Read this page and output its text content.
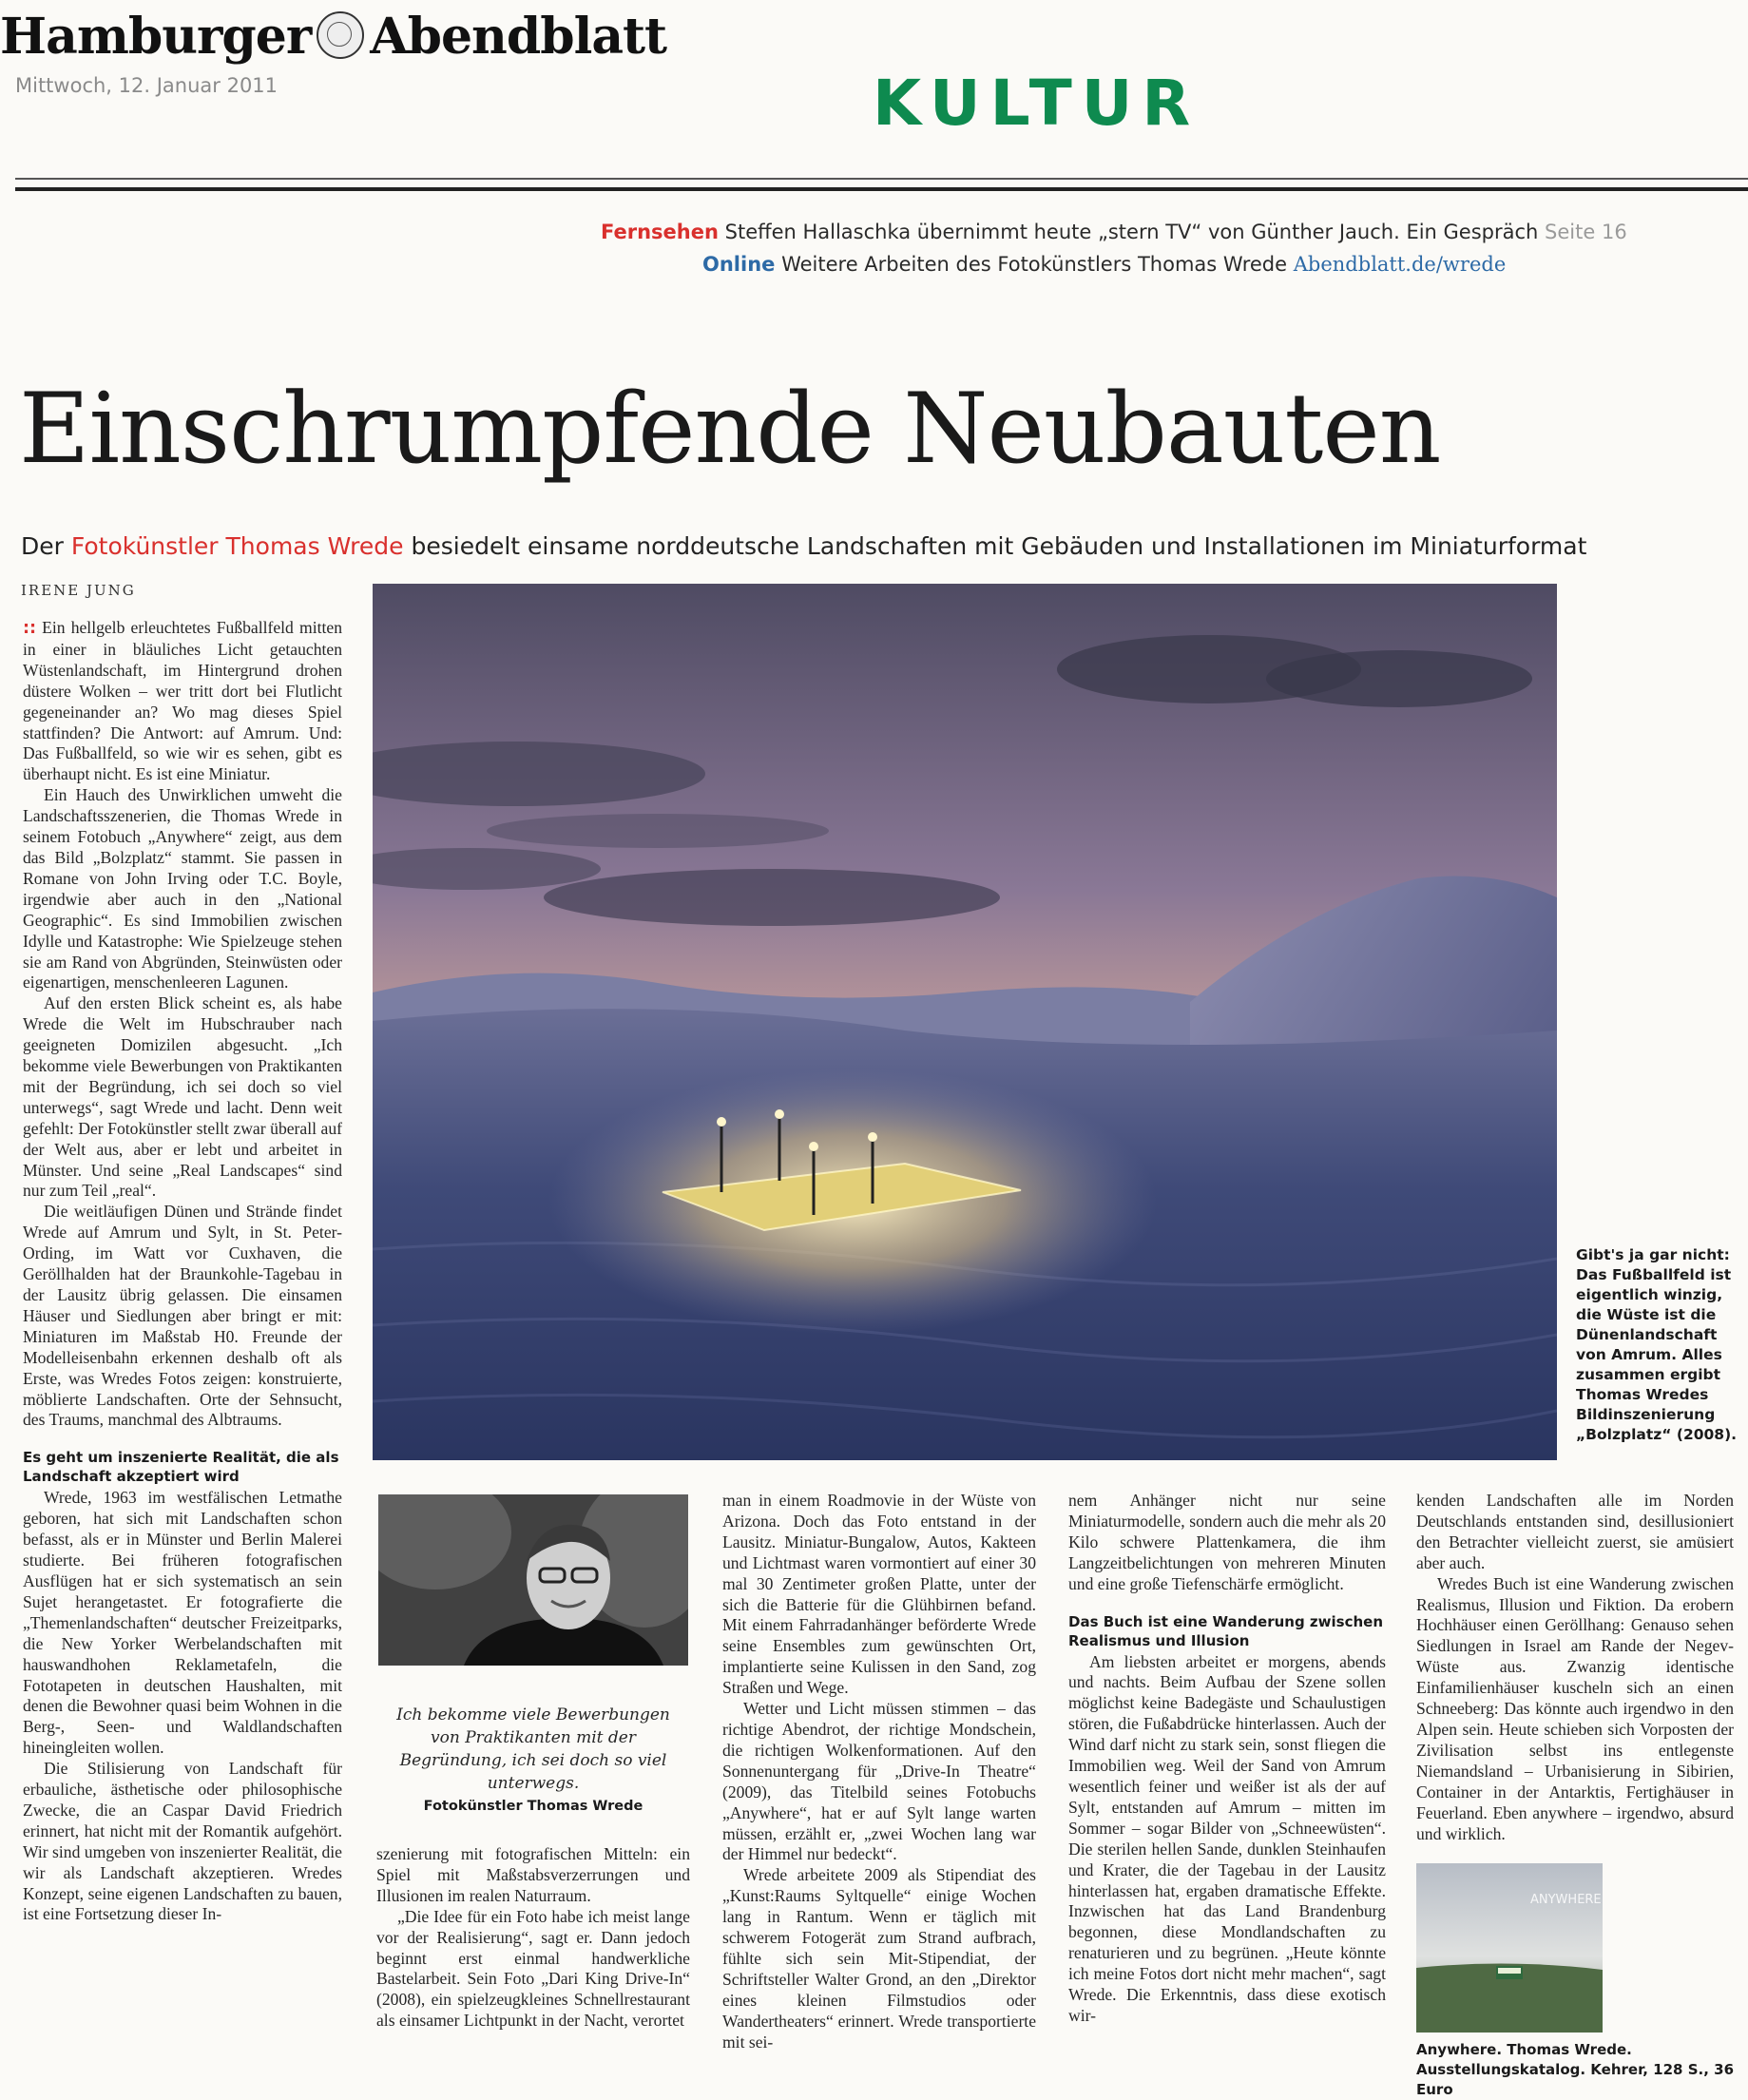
Hamburger Abendblatt
Mittwoch, 12. Januar 2011	KULTUR
Fernsehen Steffen Hallaschka übernimmt heute „stern TV“ von Günther Jauch. Ein Gespräch Seite 16
Online Weitere Arbeiten des Fotokünstlers Thomas Wrede Abendblatt.de/wrede
Einschrumpfende Neubauten
Der Fotokünstler Thomas Wrede besiedelt einsame norddeutsche Landschaften mit Gebäuden und Installationen im Miniaturformat
IRENE JUNG

:: Ein hellgelb erleuchtetes Fußballfeld mitten in einer in bläuliches Licht getauchten Wüstenlandschaft, im Hintergrund drohen düstere Wolken – wer tritt dort bei Flutlicht gegeneinander an? Wo mag dieses Spiel stattfinden? Die Antwort: auf Amrum. Und: Das Fußballfeld, so wie wir es sehen, gibt es überhaupt nicht. Es ist eine Miniatur.

Ein Hauch des Unwirklichen umweht die Landschaftsszenerien, die Thomas Wrede in seinem Fotobuch „Anywhere“ zeigt, aus dem das Bild „Bolzplatz“ stammt. Sie passen in Romane von John Irving oder T.C. Boyle, irgendwie aber auch in den „National Geographic“. Es sind Immobilien zwischen Idylle und Katastrophe: Wie Spielzeuge stehen sie am Rand von Abgründen, Steinwüsten oder eigenartigen, menschenleeren Lagunen.

Auf den ersten Blick scheint es, als habe Wrede die Welt im Hubschrauber nach geeigneten Domizilen abgesucht. „Ich bekomme viele Bewerbungen von Praktikanten mit der Begründung, ich sei doch so viel unterwegs“, sagt Wrede und lacht. Denn weit gefehlt: Der Fotokünstler stellt zwar überall auf der Welt aus, aber er lebt und arbeitet in Münster. Und seine „Real Landscapes“ sind nur zum Teil „real“.

Die weitläufigen Dünen und Strände findet Wrede auf Amrum und Sylt, in St. Peter-Ording, im Watt vor Cuxhaven, die Geröllhalden hat der Braunkohle-Tagebau in der Lausitz übrig gelassen. Die einsamen Häuser und Siedlungen aber bringt er mit: Miniaturen im Maßstab H0. Freunde der Modelleisenbahn erkennen deshalb oft als Erste, was Wredes Fotos zeigen: konstruierte, möblierte Landschaften. Orte der Sehnsucht, des Traums, manchmal des Albtraums.

Es geht um inszenierte Realität, die als Landschaft akzeptiert wird

Wrede, 1963 im westfälischen Letmathe geboren, hat sich mit Landschaften schon befasst, als er in Münster und Berlin Malerei studierte. Bei früheren fotografischen Ausflügen hat er sich systematisch an sein Sujet herangetastet. Er fotografierte die „Themenlandschaften“ deutscher Freizeitparks, die New Yorker Werbelandschaften mit hauswandhohen Reklametafeln, die Fototapeten in deutschen Haushalten, mit denen die Bewohner quasi beim Wohnen in die Berg-, Seen- und Waldlandschaften hineingleiten wollen.

Die Stilisierung von Landschaft für erbauliche, ästhetische oder philosophische Zwecke, die an Caspar David Friedrich erinnert, hat nicht mit der Romantik aufgehört. Wir sind umgeben von inszenierter Realität, die wir als Landschaft akzeptieren. Wredes Konzept, seine eigenen Landschaften zu bauen, ist eine Fortsetzung dieser In-

Gibt's ja gar nicht: Das Fußballfeld ist eigentlich winzig, die Wüste ist die Dünenlandschaft von Amrum. Alles zusammen ergibt Thomas Wredes Bildinszenierung „Bolzplatz“ (2008).
Ich bekomme viele Bewerbungen von Praktikanten mit der Begründung, ich sei doch so viel unterwegs.
Fotokünstler Thomas Wrede

szenierung mit fotografischen Mitteln: ein Spiel mit Maßstabsverzerrungen und Illusionen im realen Naturraum.

„Die Idee für ein Foto habe ich meist lange vor der Realisierung“, sagt er. Dann jedoch beginnt erst einmal handwerkliche Bastelarbeit. Sein Foto „Dari King Drive-In“ (2008), ein spielzeugkleines Schnellrestaurant als einsamer Lichtpunkt in der Nacht, verortet

man in einem Roadmovie in der Wüste von Arizona. Doch das Foto entstand in der Lausitz. Miniatur-Bungalow, Autos, Kakteen und Lichtmast waren vormontiert auf einer 30 mal 30 Zentimeter großen Platte, unter der sich die Batterie für die Glühbirnen befand. Mit einem Fahrradanhänger beförderte Wrede seine Ensembles zum gewünschten Ort, implantierte seine Kulissen in den Sand, zog Straßen und Wege.

Wetter und Licht müssen stimmen – das richtige Abendrot, der richtige Mondschein, die richtigen Wolkenformationen. Auf den Sonnenuntergang für „Drive-In Theatre“ (2009), das Titelbild seines Fotobuchs „Anywhere“, hat er auf Sylt lange warten müssen, erzählt er, „zwei Wochen lang war der Himmel nur bedeckt“.

Wrede arbeitete 2009 als Stipendiat des „Kunst:Raums Syltquelle“ einige Wochen lang in Rantum. Wenn er täglich mit schwerem Fotogerät zum Strand aufbrach, fühlte sich sein Mit-Stipendiat, der Schriftsteller Walter Grond, an den „Direktor eines kleinen Filmstudios oder Wandertheaters“ erinnert. Wrede transportierte mit sei-

nem Anhänger nicht nur seine Miniaturmodelle, sondern auch die mehr als 20 Kilo schwere Plattenkamera, die ihm Langzeitbelichtungen von mehreren Minuten und eine große Tiefenschärfe ermöglicht.

Das Buch ist eine Wanderung zwischen Realismus und Illusion

Am liebsten arbeitet er morgens, abends und nachts. Beim Aufbau der Szene sollen möglichst keine Badegäste und Schaulustigen stören, die Fußabdrücke hinterlassen. Auch der Wind darf nicht zu stark sein, sonst fliegen die Immobilien weg. Weil der Sand von Amrum wesentlich feiner und weißer ist als der auf Sylt, entstanden auf Amrum – mitten im Sommer – sogar Bilder von „Schneewüsten“. Die sterilen hellen Sande, dunklen Steinhaufen und Krater, die der Tagebau in der Lausitz hinterlassen hat, ergaben dramatische Effekte. Inzwischen hat das Land Brandenburg begonnen, diese Mondlandschaften zu renaturieren und zu begrünen. „Heute könnte ich meine Fotos dort nicht mehr machen“, sagt Wrede. Die Erkenntnis, dass diese exotisch wir-

kenden Landschaften alle im Norden Deutschlands entstanden sind, desillusioniert den Betrachter vielleicht zuerst, sie amüsiert aber auch.

Wredes Buch ist eine Wanderung zwischen Realismus, Illusion und Fiktion. Da erobern Hochhäuser einen Geröllhang: Genauso sehen Siedlungen in Israel am Rande der Negev-Wüste aus. Zwanzig identische Einfamilienhäuser kuscheln sich an einen Schneeberg: Das könnte auch irgendwo in den Alpen sein. Heute schieben sich Vorposten der Zivilisation selbst ins entlegenste Niemandsland – Urbanisierung in Sibirien, Container in der Antarktis, Fertighäuser in Feuerland. Eben anywhere – irgendwo, absurd und wirklich.

ANYWHERE
Anywhere. Thomas Wrede. Ausstellungskatalog. Kehrer, 128 S., 36 Euro
